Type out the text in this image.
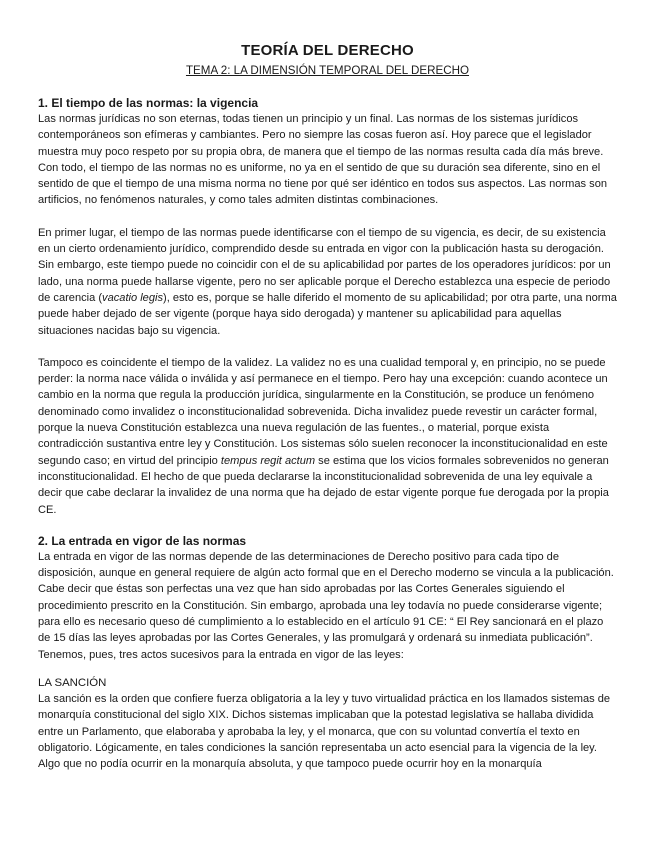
TEORÍA DEL DERECHO
TEMA 2: LA DIMENSIÓN TEMPORAL DEL DERECHO
1. El tiempo de las normas: la vigencia

Las normas jurídicas no son eternas, todas tienen un principio y un final. Las normas de los sistemas jurídicos contemporáneos son efímeras y cambiantes. Pero no siempre las cosas fueron así. Hoy parece que el legislador muestra muy poco respeto por su propia obra, de manera que el tiempo de las normas resulta cada día más breve. Con todo, el tiempo de las normas no es uniforme, no ya en el sentido de que su duración sea diferente, sino en el sentido de que el tiempo de una misma norma no tiene por qué ser idéntico en todos sus aspectos. Las normas son artificios, no fenómenos naturales, y como tales admiten distintas combinaciones.

En primer lugar, el tiempo de las normas puede identificarse con el tiempo de su vigencia, es decir, de su existencia en un cierto ordenamiento jurídico, comprendido desde su entrada en vigor con la publicación hasta su derogación. Sin embargo, este tiempo puede no coincidir con el de su aplicabilidad por partes de los operadores jurídicos: por un lado, una norma puede hallarse vigente, pero no ser aplicable porque el Derecho establezca una especie de periodo de carencia (vacatio legis), esto es, porque se halle diferido el momento de su aplicabilidad; por otra parte, una norma puede haber dejado de ser vigente (porque haya sido derogada) y mantener su aplicabilidad para aquellas situaciones nacidas bajo su vigencia.

Tampoco es coincidente el tiempo de la validez. La validez no es una cualidad temporal y, en principio, no se puede perder: la norma nace válida o inválida y así permanece en el tiempo. Pero hay una excepción: cuando acontece un cambio en la norma que regula la producción jurídica, singularmente en la Constitución, se produce un fenómeno denominado como invalidez o inconstitucionalidad sobrevenida. Dicha invalidez puede revestir un carácter formal, porque la nueva Constitución establezca una nueva regulación de las fuentes., o material, porque exista contradicción sustantiva entre ley y Constitución. Los sistemas sólo suelen reconocer la inconstitucionalidad en este segundo caso; en virtud del principio tempus regit actum se estima que los vicios formales sobrevenidos no generan inconstitucionalidad. El hecho de que pueda declararse la inconstitucionalidad sobrevenida de una ley equivale a decir que cabe declarar la invalidez de una norma que ha dejado de estar vigente porque fue derogada por la propia CE.

2. La entrada en vigor de las normas

La entrada en vigor de las normas depende de las determinaciones de Derecho positivo para cada tipo de disposición, aunque en general requiere de algún acto formal que en el Derecho moderno se vincula a la publicación. Cabe decir que éstas son perfectas una vez que han sido aprobadas por las Cortes Generales siguiendo el procedimiento prescrito en la Constitución. Sin embargo, aprobada una ley todavía no puede considerarse vigente; para ello es necesario queso dé cumplimiento a lo establecido en el artículo 91 CE: “ El Rey sancionará en el plazo de 15 días las leyes aprobadas por las Cortes Generales, y las promulgará y ordenará su inmediata publicación”. Tenemos, pues, tres actos sucesivos para la entrada en vigor de las leyes:

LA SANCIÓN

La sanción es la orden que confiere fuerza obligatoria a la ley y tuvo virtualidad práctica en los llamados sistemas de monarquía constitucional del siglo XIX. Dichos sistemas implicaban que la potestad legislativa se hallaba dividida entre un Parlamento, que elaboraba y aprobaba la ley, y el monarca, que con su voluntad convertía el texto en obligatorio. Lógicamente, en tales condiciones la sanción representaba un acto esencial para la vigencia de la ley. Algo que no podía ocurrir en la monarquía absoluta, y que tampoco puede ocurrir hoy en la monarquía
